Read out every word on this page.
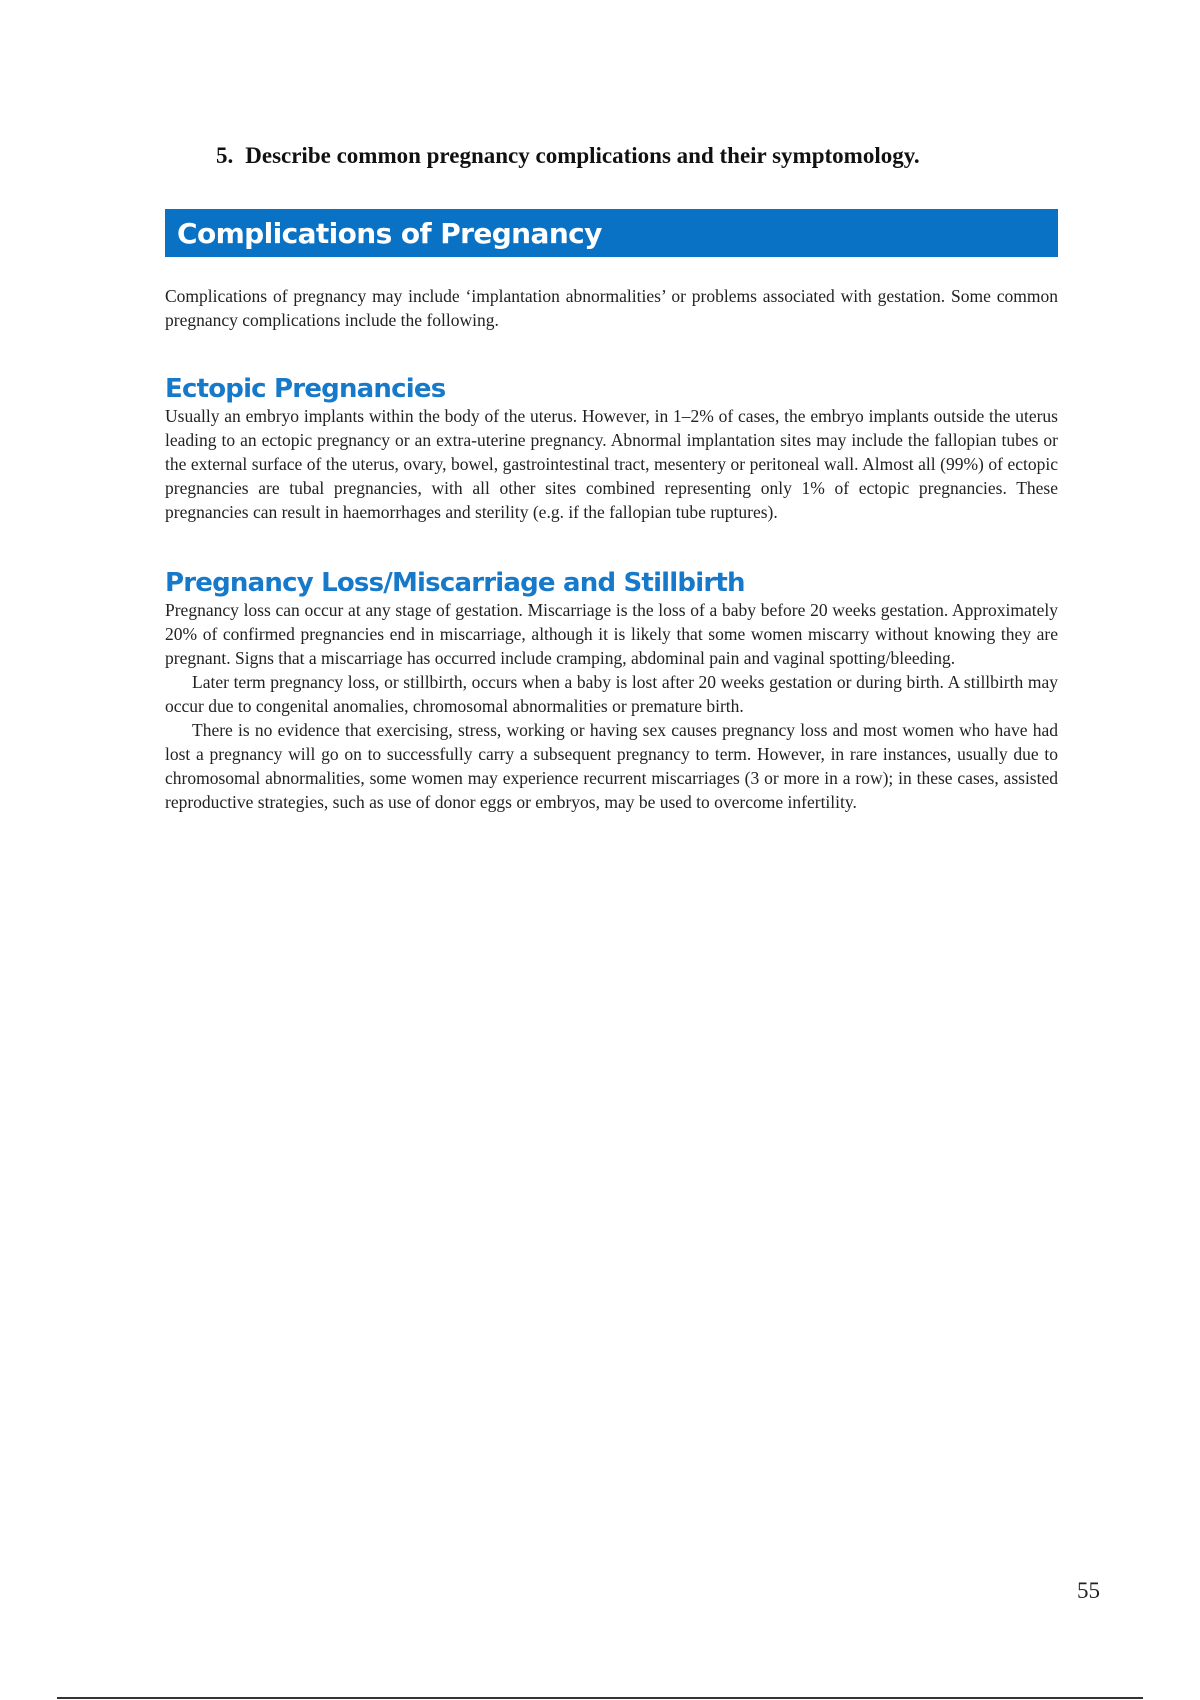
5. Describe common pregnancy complications and their symptomology.
Complications of Pregnancy

Complications of pregnancy may include ‘implantation abnormalities’ or problems associated with gestation. Some common pregnancy complications include the following.

Ectopic Pregnancies

Usually an embryo implants within the body of the uterus. However, in 1–2% of cases, the embryo implants outside the uterus leading to an ectopic pregnancy or an extra-uterine pregnancy. Abnormal implantation sites may include the fallopian tubes or the external surface of the uterus, ovary, bowel, gastrointestinal tract, mesentery or peritoneal wall. Almost all (99%) of ectopic pregnancies are tubal pregnancies, with all other sites combined representing only 1% of ectopic pregnancies. These pregnancies can result in haemorrhages and sterility (e.g. if the fallopian tube ruptures).

Pregnancy Loss/Miscarriage and Stillbirth

Pregnancy loss can occur at any stage of gestation. Miscarriage is the loss of a baby before 20 weeks gestation. Approximately 20% of confirmed pregnancies end in miscarriage, although it is likely that some women miscarry without knowing they are pregnant. Signs that a miscarriage has occurred include cramping, abdominal pain and vaginal spotting/bleeding.

Later term pregnancy loss, or stillbirth, occurs when a baby is lost after 20 weeks gestation or during birth. A stillbirth may occur due to congenital anomalies, chromosomal abnormalities or premature birth.

There is no evidence that exercising, stress, working or having sex causes pregnancy loss and most women who have had lost a pregnancy will go on to successfully carry a subsequent pregnancy to term. However, in rare instances, usually due to chromosomal abnormalities, some women may experience recurrent miscarriages (3 or more in a row); in these cases, assisted reproductive strategies, such as use of donor eggs or embryos, may be used to overcome infertility.

55
